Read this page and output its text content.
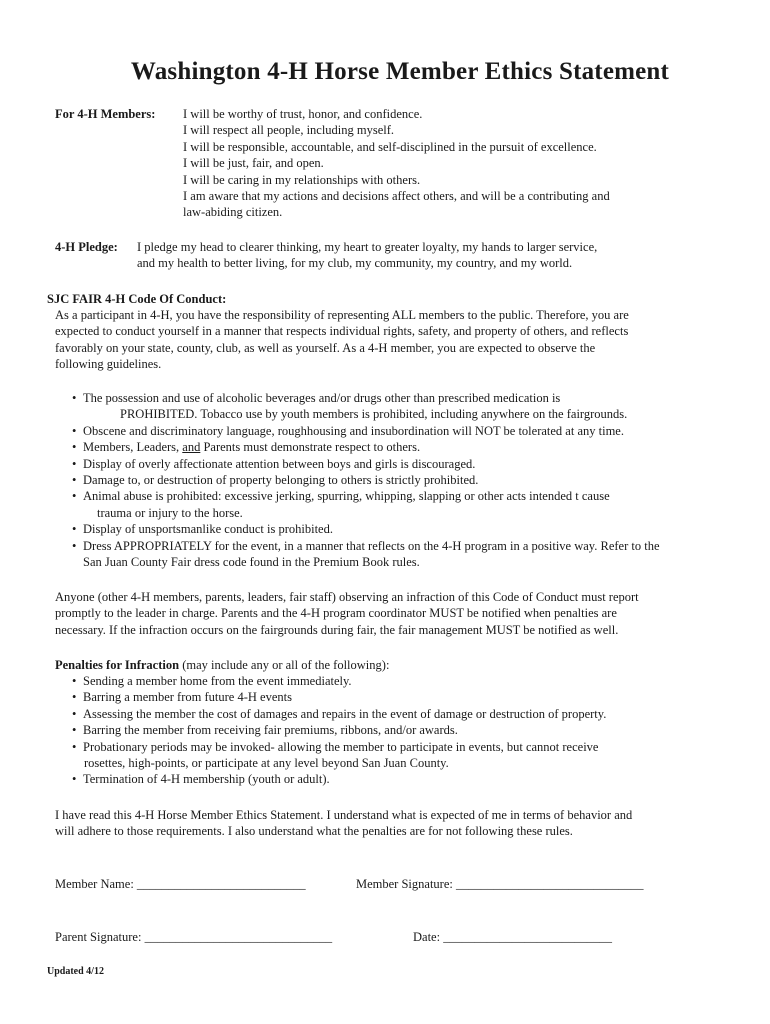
Washington 4-H Horse Member Ethics Statement
For 4-H Members: I will be worthy of trust, honor, and confidence.
I will respect all people, including myself.
I will be responsible, accountable, and self-disciplined in the pursuit of excellence.
I will be just, fair, and open.
I will be caring in my relationships with others.
I am aware that my actions and decisions affect others, and will be a contributing and
law-abiding citizen.
4-H Pledge: I pledge my head to clearer thinking, my heart to greater loyalty, my hands to larger service,
and my health to better living, for my club, my community, my country, and my world.
SJC FAIR 4-H Code Of Conduct:
As a participant in 4-H, you have the responsibility of representing ALL members to the public. Therefore, you are
expected to conduct yourself in a manner that respects individual rights, safety, and property of others, and reflects
favorably on your state, county, club, as well as yourself. As a 4-H member, you are expected to observe the
following guidelines.
• The possession and use of alcoholic beverages and/or drugs other than prescribed medication is
PROHIBITED. Tobacco use by youth members is prohibited, including anywhere on the fairgrounds.
• Obscene and discriminatory language, roughhousing and insubordination will NOT be tolerated at any time.
• Members, Leaders, and Parents must demonstrate respect to others.
• Display of overly affectionate attention between boys and girls is discouraged.
• Damage to, or destruction of property belonging to others is strictly prohibited.
• Animal abuse is prohibited: excessive jerking, spurring, whipping, slapping or other acts intended t cause
trauma or injury to the horse.
• Display of unsportsmanlike conduct is prohibited.
• Dress APPROPRIATELY for the event, in a manner that reflects on the 4-H program in a positive way. Refer to the
San Juan County Fair dress code found in the Premium Book rules.
Anyone (other 4-H members, parents, leaders, fair staff) observing an infraction of this Code of Conduct must report
promptly to the leader in charge. Parents and the 4-H program coordinator MUST be notified when penalties are
necessary. If the infraction occurs on the fairgrounds during fair, the fair management MUST be notified as well.
Penalties for Infraction (may include any or all of the following):
• Sending a member home from the event immediately.
• Barring a member from future 4-H events
• Assessing the member the cost of damages and repairs in the event of damage or destruction of property.
• Barring the member from receiving fair premiums, ribbons, and/or awards.
• Probationary periods may be invoked- allowing the member to participate in events, but cannot receive
rosettes, high-points, or participate at any level beyond San Juan County.
• Termination of 4-H membership (youth or adult).
I have read this 4-H Horse Member Ethics Statement. I understand what is expected of me in terms of behavior and
will adhere to those requirements. I also understand what the penalties are for not following these rules.
Member Name: ___________________________	Member Signature: ______________________________
Parent Signature: ______________________________	Date: ___________________________
Updated 4/12
